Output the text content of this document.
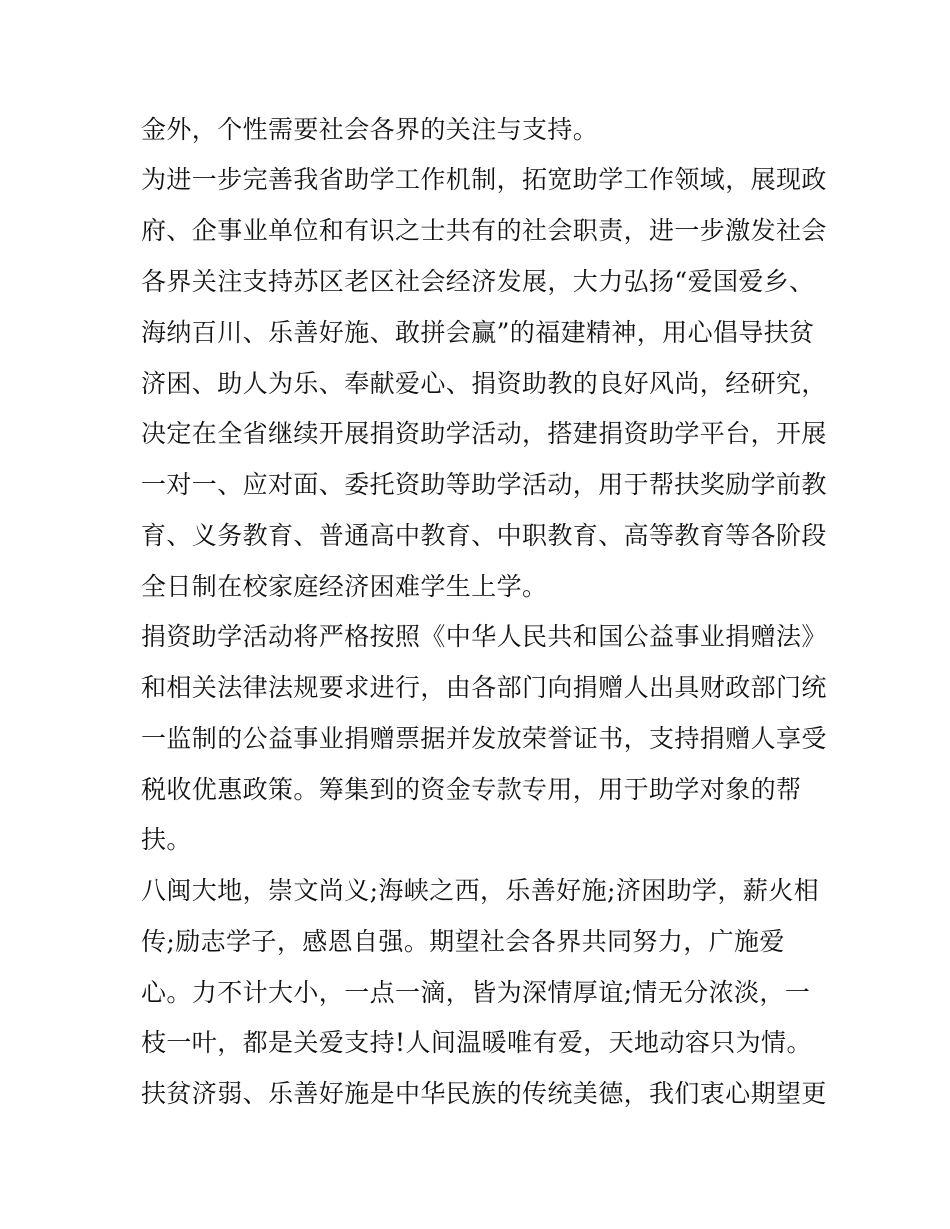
金外，个性需要社会各界的关注与支持。
为进一步完善我省助学工作机制，拓宽助学工作领域，展现政
府、企事业单位和有识之士共有的社会职责，进一步激发社会
各界关注支持苏区老区社会经济发展，大力弘扬“爱国爱乡、
海纳百川、乐善好施、敢拼会赢”的福建精神，用心倡导扶贫
济困、助人为乐、奉献爱心、捐资助教的良好风尚，经研究，
决定在全省继续开展捐资助学活动，搭建捐资助学平台，开展
一对一、应对面、委托资助等助学活动，用于帮扶奖励学前教
育、义务教育、普通高中教育、中职教育、高等教育等各阶段
全日制在校家庭经济困难学生上学。
捐资助学活动将严格按照《中华人民共和国公益事业捐赠法》
和相关法律法规要求进行，由各部门向捐赠人出具财政部门统
一监制的公益事业捐赠票据并发放荣誉证书，支持捐赠人享受
税收优惠政策。筹集到的资金专款专用，用于助学对象的帮
扶。
八闽大地，崇文尚义;海峡之西，乐善好施;济困助学，薪火相
传;励志学子，感恩自强。期望社会各界共同努力，广施爱
心。力不计大小，一点一滴，皆为深情厚谊;情无分浓淡，一
枝一叶，都是关爱支持!人间温暖唯有爱，天地动容只为情。
扶贫济弱、乐善好施是中华民族的传统美德，我们衷心期望更
